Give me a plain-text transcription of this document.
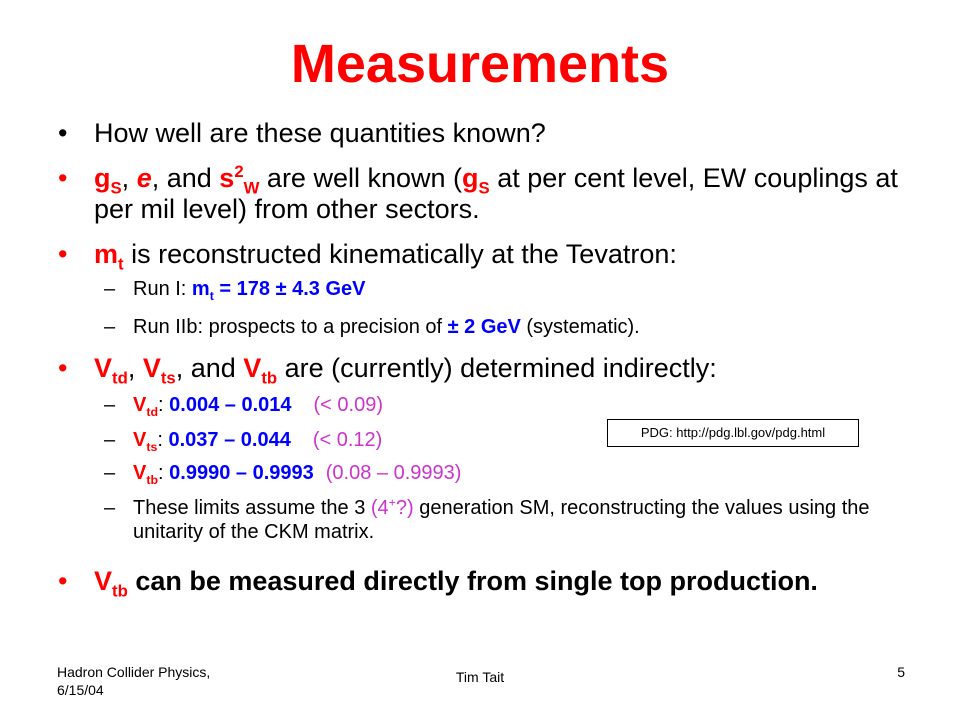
Measurements
• How well are these quantities known?
• $g_S$, e, and $s^2_W$ are well known ($g_S$ at per cent level, EW couplings at per mil level) from other sectors.
• $m_t$ is reconstructed kinematically at the Tevatron:
– Run I: $m_t = 178 \pm 4.3$ GeV
– Run IIb: prospects to a precision of ± 2 GeV (systematic).
• $V_{td}$, $V_{ts}$, and $V_{tb}$ are (currently) determined indirectly:
– $V_{td}$: 0.004 – 0.014 (< 0.09)
– $V_{ts}$: 0.037 – 0.044 (< 0.12)
– $V_{tb}$: 0.9990 – 0.9993 (0.08 – 0.9993)
– These limits assume the 3 (4+?) generation SM, reconstructing the values using the unitarity of the CKM matrix.
• $V_{tb}$ can be measured directly from single top production.
PDG: http://pdg.lbl.gov/pdg.html
Hadron Collider Physics,
6/15/04
Tim Tait	5
